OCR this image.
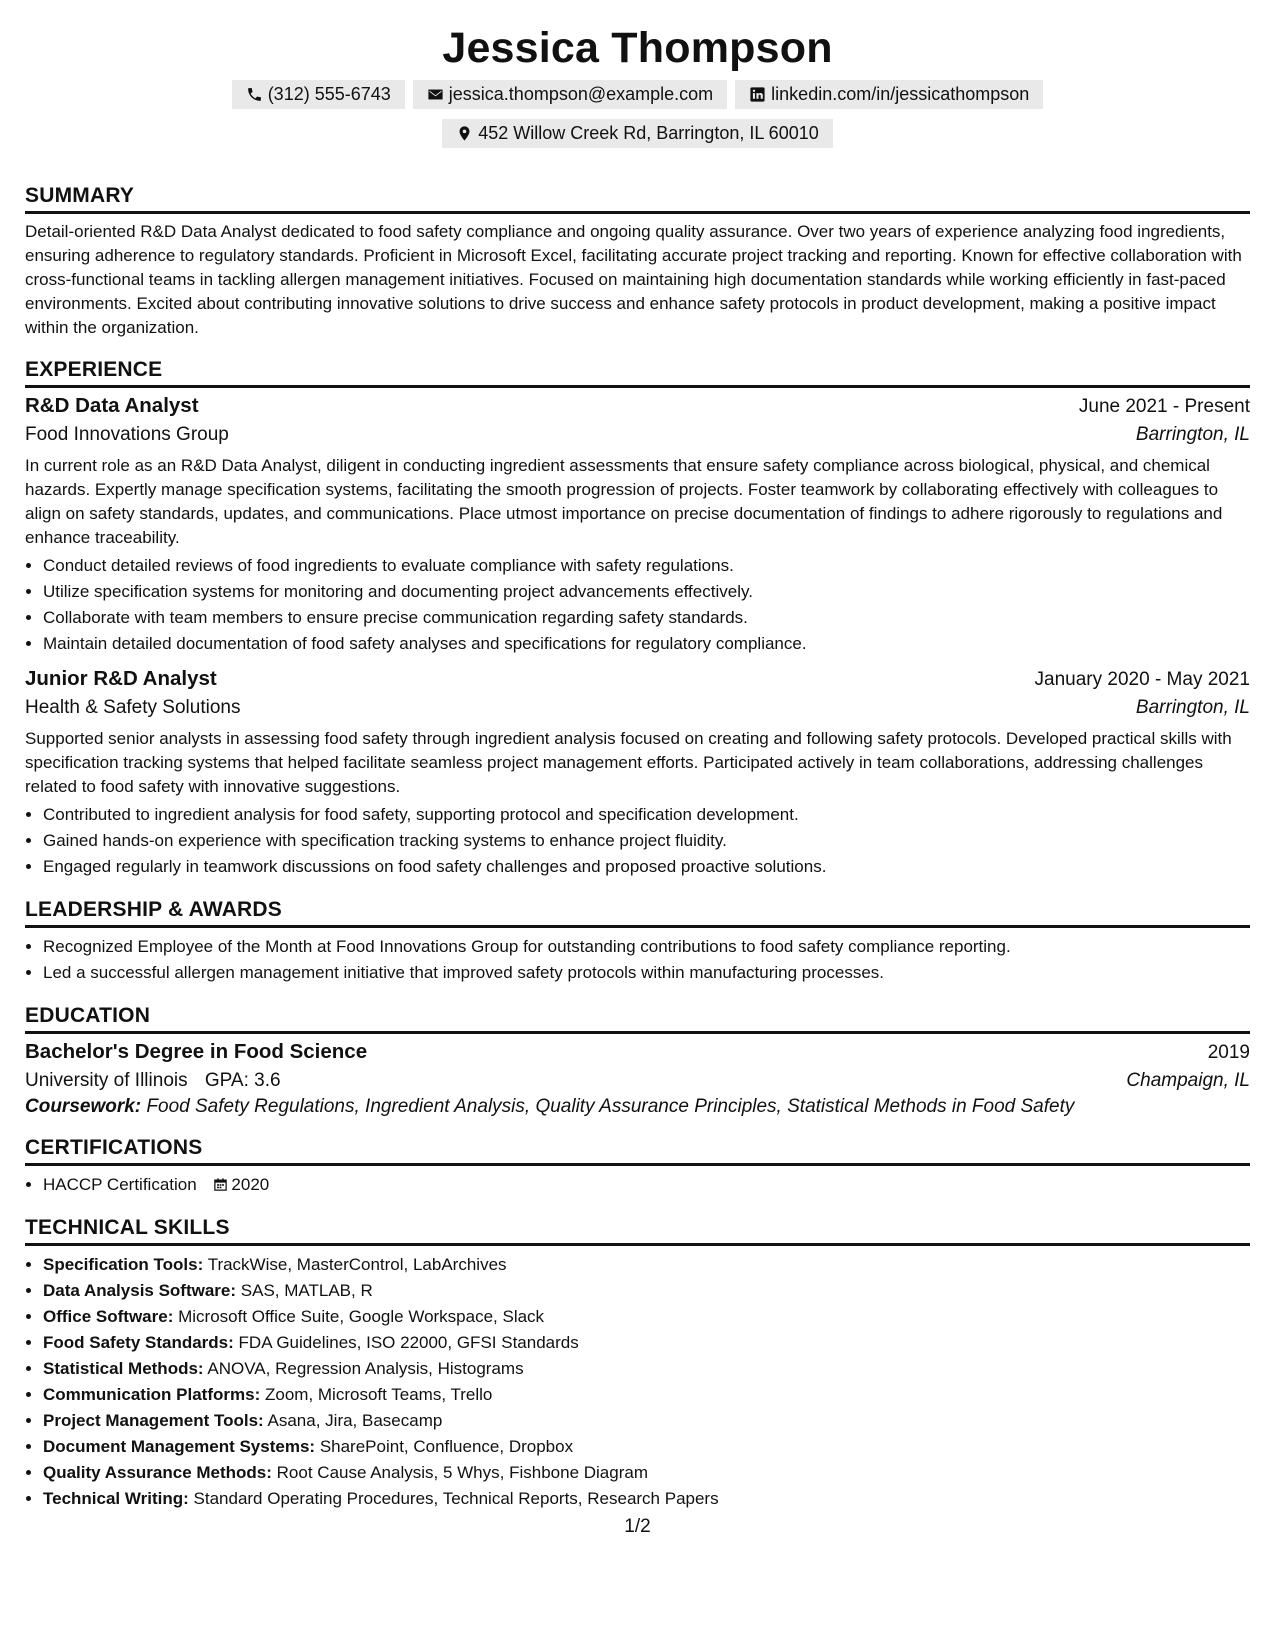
Jessica Thompson
(312) 555-6743	jessica.thompson@example.com	linkedin.com/in/jessicathompson
452 Willow Creek Rd, Barrington, IL 60010
SUMMARY

Detail-oriented R&D Data Analyst dedicated to food safety compliance and ongoing quality assurance. Over two years of experience analyzing food ingredients, ensuring adherence to regulatory standards. Proficient in Microsoft Excel, facilitating accurate project tracking and reporting. Known for effective collaboration with cross-functional teams in tackling allergen management initiatives. Focused on maintaining high documentation standards while working efficiently in fast-paced environments. Excited about contributing innovative solutions to drive success and enhance safety protocols in product development, making a positive impact within the organization.

EXPERIENCE
R&D Data Analyst	June 2021 - Present
Food Innovations Group	Barrington, IL

In current role as an R&D Data Analyst, diligent in conducting ingredient assessments that ensure safety compliance across biological, physical, and chemical hazards. Expertly manage specification systems, facilitating the smooth progression of projects. Foster teamwork by collaborating effectively with colleagues to align on safety standards, updates, and communications. Place utmost importance on precise documentation of findings to adhere rigorously to regulations and enhance traceability.

• Conduct detailed reviews of food ingredients to evaluate compliance with safety regulations.
• Utilize specification systems for monitoring and documenting project advancements effectively.
• Collaborate with team members to ensure precise communication regarding safety standards.
• Maintain detailed documentation of food safety analyses and specifications for regulatory compliance.
Junior R&D Analyst	January 2020 - May 2021
Health & Safety Solutions	Barrington, IL

Supported senior analysts in assessing food safety through ingredient analysis focused on creating and following safety protocols. Developed practical skills with specification tracking systems that helped facilitate seamless project management efforts. Participated actively in team collaborations, addressing challenges related to food safety with innovative suggestions.

• Contributed to ingredient analysis for food safety, supporting protocol and specification development.
• Gained hands-on experience with specification tracking systems to enhance project fluidity.
• Engaged regularly in teamwork discussions on food safety challenges and proposed proactive solutions.
LEADERSHIP & AWARDS
• Recognized Employee of the Month at Food Innovations Group for outstanding contributions to food safety compliance reporting.
• Led a successful allergen management initiative that improved safety protocols within manufacturing processes.
EDUCATION
Bachelor's Degree in Food Science	2019
University of Illinois GPA: 3.6	Champaign, IL
Coursework: Food Safety Regulations, Ingredient Analysis, Quality Assurance Principles, Statistical Methods in Food Safety
CERTIFICATIONS
• HACCP Certification 2020
TECHNICAL SKILLS
• Specification Tools: TrackWise, MasterControl, LabArchives
• Data Analysis Software: SAS, MATLAB, R
• Office Software: Microsoft Office Suite, Google Workspace, Slack
• Food Safety Standards: FDA Guidelines, ISO 22000, GFSI Standards
• Statistical Methods: ANOVA, Regression Analysis, Histograms
• Communication Platforms: Zoom, Microsoft Teams, Trello
• Project Management Tools: Asana, Jira, Basecamp
• Document Management Systems: SharePoint, Confluence, Dropbox
• Quality Assurance Methods: Root Cause Analysis, 5 Whys, Fishbone Diagram
• Technical Writing: Standard Operating Procedures, Technical Reports, Research Papers
1/2
